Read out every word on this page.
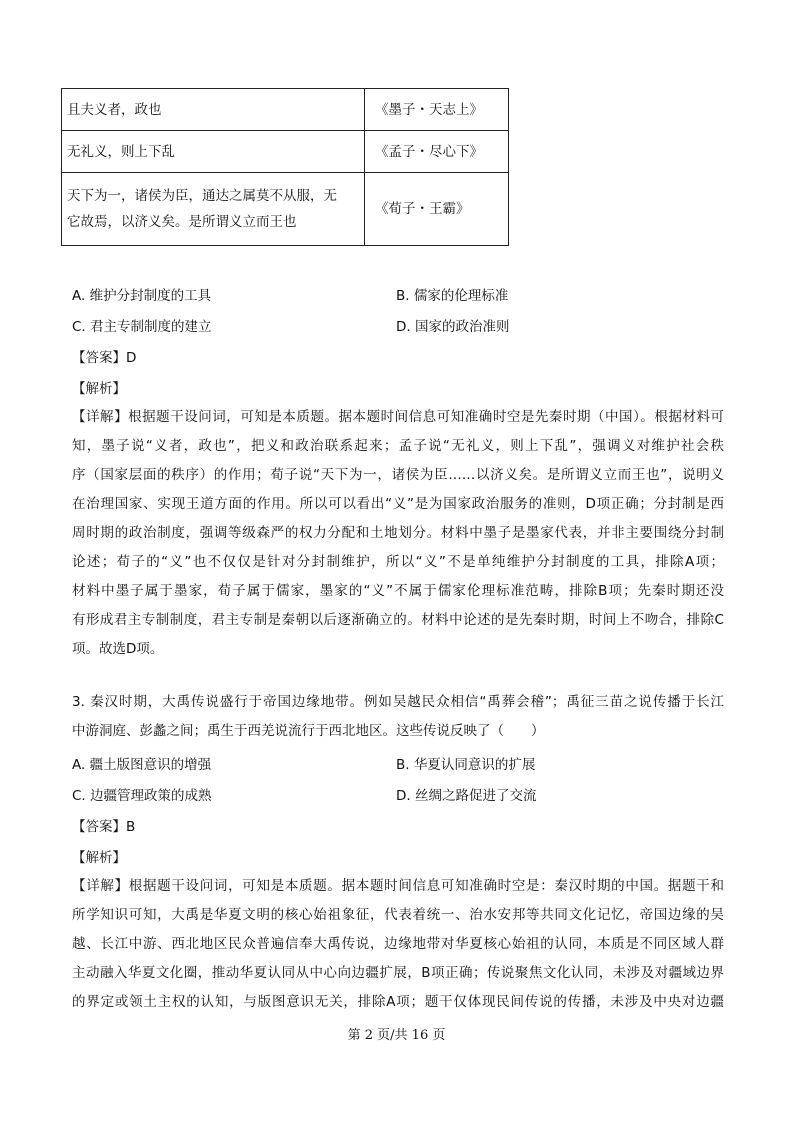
且夫义者，政也	《墨子・天志上》
无礼义，则上下乱	《孟子・尽心下》

天下为一，诸侯为臣，通达之属莫不从服，无
它故焉，以济义矣。是所谓义立而王也	《荀子・王霸》
A. 维护分封制度的工具	B. 儒家的伦理标准
C. 君主专制制度的建立	D. 国家的政治准则
【答案】D
【解析】
【详解】根据题干设问词，可知是本质题。据本题时间信息可知准确时空是先秦时期（中国）。根据材料可
知，墨子说“义者，政也”，把义和政治联系起来；孟子说“无礼义，则上下乱”，强调义对维护社会秩
序（国家层面的秩序）的作用；荀子说“天下为一，诸侯为臣……以济义矣。是所谓义立而王也”，说明义
在治理国家、实现王道方面的作用。所以可以看出“义”是为国家政治服务的准则，D项正确；分封制是西
周时期的政治制度，强调等级森严的权力分配和土地划分。材料中墨子是墨家代表，并非主要围绕分封制
论述；荀子的“义”也不仅仅是针对分封制维护，所以“义”不是单纯维护分封制度的工具，排除A项；
材料中墨子属于墨家，荀子属于儒家，墨家的“义”不属于儒家伦理标准范畴，排除B项；先秦时期还没
有形成君主专制制度，君主专制是秦朝以后逐渐确立的。材料中论述的是先秦时期，时间上不吻合，排除C
项。故选D项。
3. 秦汉时期，大禹传说盛行于帝国边缘地带。例如吴越民众相信“禹葬会稽”；禹征三苗之说传播于长江
中游洞庭、彭蠡之间；禹生于西羌说流行于西北地区。这些传说反映了（　　）
A. 疆土版图意识的增强	B. 华夏认同意识的扩展
C. 边疆管理政策的成熟	D. 丝绸之路促进了交流
【答案】B
【解析】
【详解】根据题干设问词，可知是本质题。据本题时间信息可知准确时空是：秦汉时期的中国。据题干和
所学知识可知，大禹是华夏文明的核心始祖象征，代表着统一、治水安邦等共同文化记忆，帝国边缘的吴
越、长江中游、西北地区民众普遍信奉大禹传说，边缘地带对华夏核心始祖的认同，本质是不同区域人群
主动融入华夏文化圈，推动华夏认同从中心向边疆扩展，B项正确；传说聚焦文化认同，未涉及对疆域边界
的界定或领土主权的认知，与版图意识无关，排除A项；题干仅体现民间传说的传播，未涉及中央对边疆
第 2 页/共 16 页
